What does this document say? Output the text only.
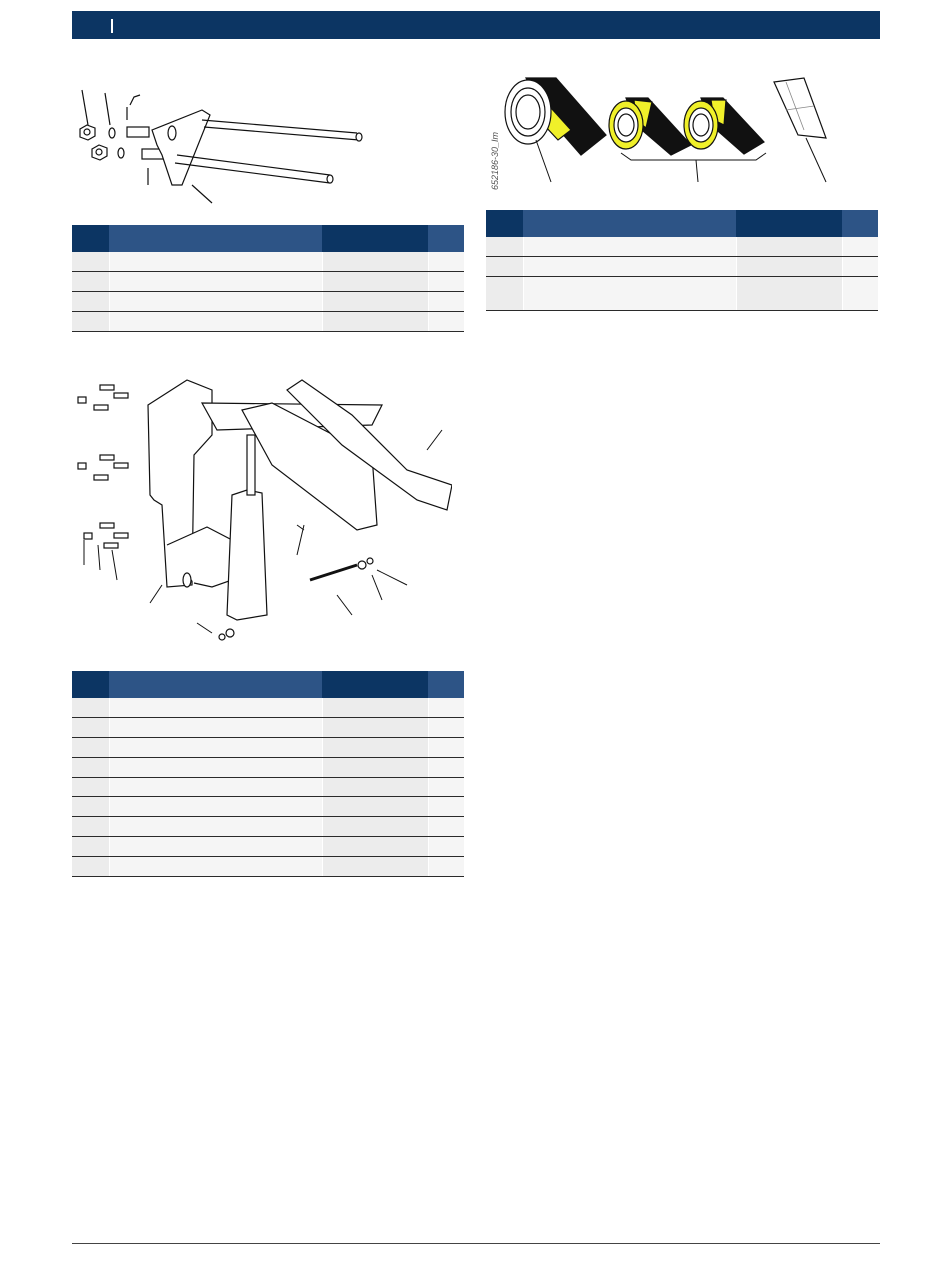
652186-30_Im
